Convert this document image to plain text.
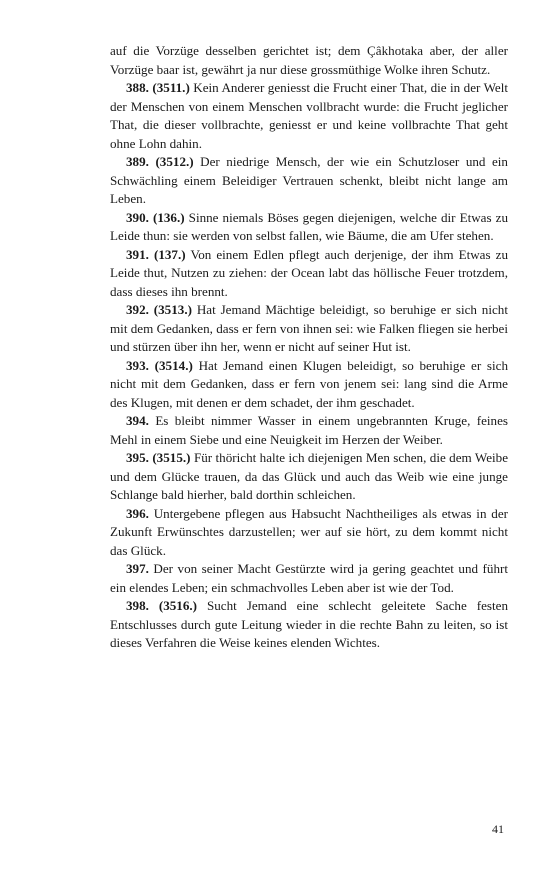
auf die Vorzüge desselben gerichtet ist; dem Çâkhotaka aber, der aller Vorzüge baar ist, gewährt ja nur diese grossmüthige Wolke ihren Schutz.

388. (3511.) Kein Anderer geniesst die Frucht einer That, die in der Welt der Menschen von einem Menschen vollbracht wurde: die Frucht jeglicher That, die dieser vollbrachte, geniesst er und keine vollbrachte That geht ohne Lohn dahin.

389. (3512.) Der niedrige Mensch, der wie ein Schutzloser und ein Schwächling einem Beleidiger Vertrauen schenkt, bleibt nicht lange am Leben.

390. (136.) Sinne niemals Böses gegen diejenigen, welche dir Etwas zu Leide thun: sie werden von selbst fallen, wie Bäume, die am Ufer stehen.

391. (137.) Von einem Edlen pflegt auch derjenige, der ihm Etwas zu Leide thut, Nutzen zu ziehen: der Ocean labt das höllische Feuer trotzdem, dass dieses ihn brennt.

392. (3513.) Hat Jemand Mächtige beleidigt, so beruhige er sich nicht mit dem Gedanken, dass er fern von ihnen sei: wie Falken fliegen sie herbei und stürzen über ihn her, wenn er nicht auf seiner Hut ist.

393. (3514.) Hat Jemand einen Klugen beleidigt, so beruhige er sich nicht mit dem Gedanken, dass er fern von jenem sei: lang sind die Arme des Klugen, mit denen er dem schadet, der ihm geschadet.

394. Es bleibt nimmer Wasser in einem ungebrannten Kruge, feines Mehl in einem Siebe und eine Neuigkeit im Herzen der Weiber.

395. (3515.) Für thöricht halte ich diejenigen Men schen, die dem Weibe und dem Glücke trauen, da das Glück und auch das Weib wie eine junge Schlange bald hierher, bald dorthin schleichen.

396. Untergebene pflegen aus Habsucht Nachtheiliges als etwas in der Zukunft Erwünschtes darzustellen; wer auf sie hört, zu dem kommt nicht das Glück.

397. Der von seiner Macht Gestürzte wird ja gering geachtet und führt ein elendes Leben; ein schmachvolles Leben aber ist wie der Tod.

398. (3516.) Sucht Jemand eine schlecht geleitete Sache festen Entschlusses durch gute Leitung wieder in die rechte Bahn zu leiten, so ist dieses Verfahren die Weise keines elenden Wichtes.

41
